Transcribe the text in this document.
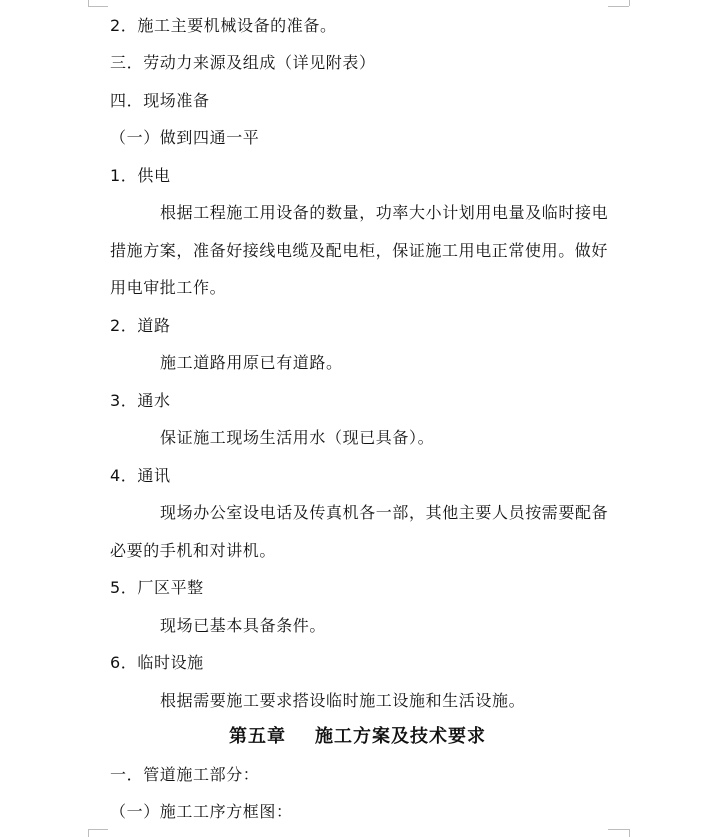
2．施工主要机械设备的准备。
三．劳动力来源及组成（详见附表）
四．现场准备
（一）做到四通一平
1．供电
根据工程施工用设备的数量，功率大小计划用电量及临时接电
措施方案，准备好接线电缆及配电柜，保证施工用电正常使用。做好
用电审批工作。
2．道路
施工道路用原已有道路。
3．通水
保证施工现场生活用水（现已具备）。
4．通讯
现场办公室设电话及传真机各一部，其他主要人员按需要配备
必要的手机和对讲机。
5．厂区平整
现场已基本具备条件。
6．临时设施
根据需要施工要求搭设临时施工设施和生活设施。
第五章 施工方案及技术要求
一．管道施工部分：
（一）施工工序方框图：
